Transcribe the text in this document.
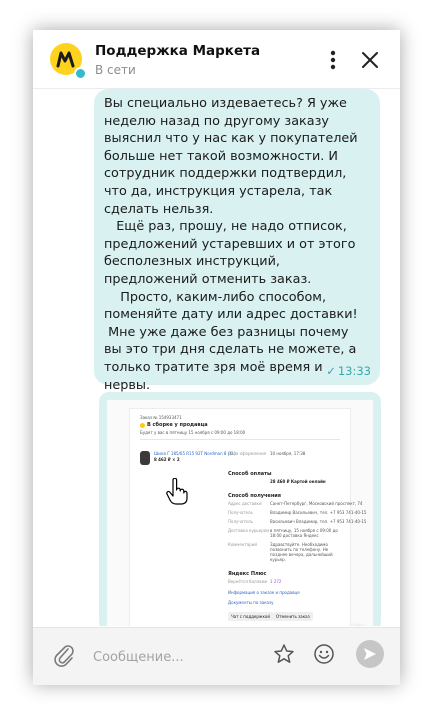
Поддержка Маркета
В сети

Вы специально издеваетесь? Я уже неделю назад по другому заказу выяснил что у нас как у покупателей больше нет такой возможности. И сотрудник поддержки подтвердил, что да, инструкция устарела, так сделать нельзя.
Ещё раз, прошу, не надо отписок, предложений устаревших и от этого бесполезных инструкций, предложений отменить заказ.
Просто, каким-либо способом, поменяйте дату или адрес доставки!
Мне уже даже без разницы почему вы это три дня сделать не можете, а только тратите зря моё время и нервы.

✓ 13:33
Заказ № 154933471
В сборке у продавца
Будет у вас в пятницу 15 ноября с 09:00 до 18:00
Шина Г 185/65 R15 92T Nordman 8 (XL)
8 462 ₽ × 2
Дата оформления 10 ноября, 17:38
Способ оплаты
28 460 ₽ Картой онлайн
Способ получения
Адрес доставки Санкт-Петербург, Московский проспект, 74
Получатель	Владимир Васильевич, тел. +7 953 741-40-15
Получатель	Васильевич Владимир, тел. +7 953 741-40-15
Доставка курьером в пятницу, 15 ноября с 09:00 до 18:00 доставка Яндекс
Комментарий	Здравствуйте. Необходимо позвонить по телефону. Не позднее вечера, дальнейший курьер.
Яндекс Плюс
Вернётся баллами 1 272
Информация о заказе и продавце
Документы по заказу
Чат с поддержкой	Отменить заказ
Сообщение...
